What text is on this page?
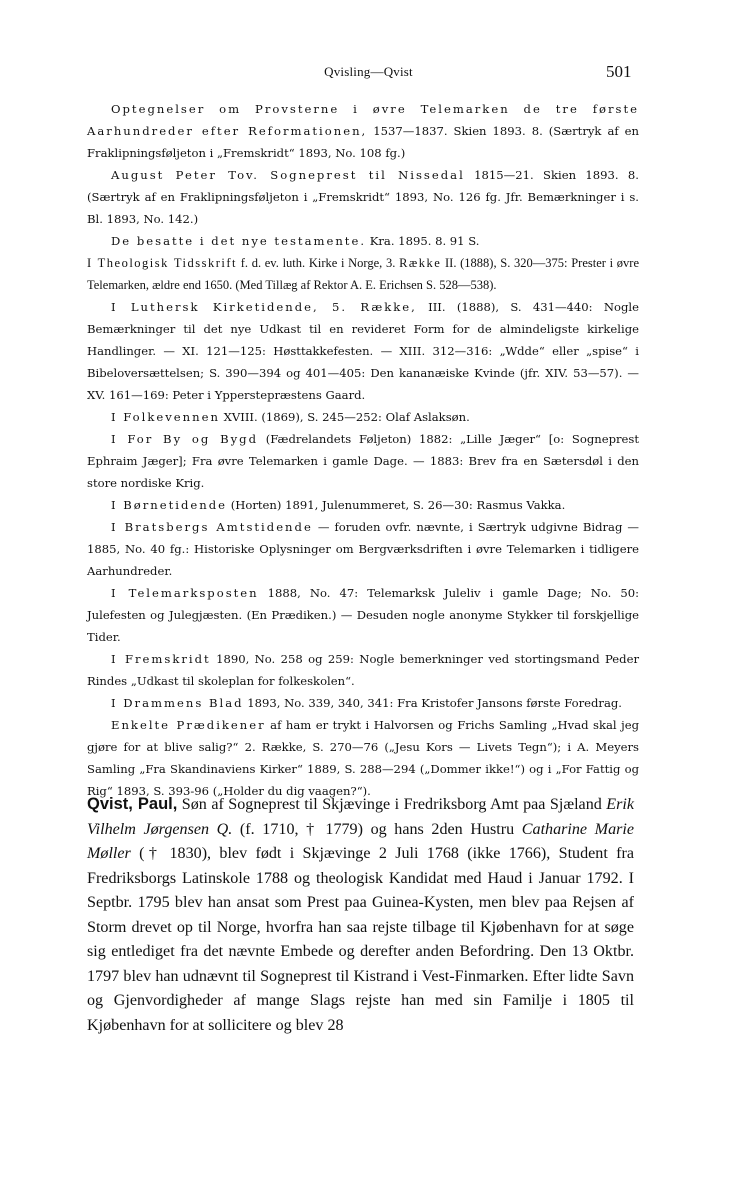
Qvisling—Qvist	501

Optegnelser om Provsterne i øvre Telemarken de tre første Aarhundreder efter Reformationen, 1537—1837. Skien 1893. 8. (Særtryk af en Fraklipningsføljeton i „Fremskridt“ 1893, No. 108 fg.)

August Peter Tov. Sogneprest til Nissedal 1815—21. Skien 1893. 8. (Særtryk af en Fraklipningsføljeton i „Fremskridt“ 1893, No. 126 fg. Jfr. Bemærkninger i s. Bl. 1893, No. 142.)

De besatte i det nye testamente. Kra. 1895. 8. 91 S.

I Theologisk Tidsskrift f. d. ev. luth. Kirke i Norge, 3. Række II. (1888), S. 320—375: Prester i øvre Telemarken, ældre end 1650. (Med Tillæg af Rektor A. E. Erichsen S. 528—538).

I Luthersk Kirketidende, 5. Række, III. (1888), S. 431—440: Nogle Bemærkninger til det nye Udkast til en revideret Form for de almindeligste kirkelige Handlinger. — XI. 121—125: Høsttakkefesten. — XIII. 312—316: „Wdde“ eller „spise“ i Bibeloversættelsen; S. 390—394 og 401—405: Den kananæiske Kvinde (jfr. XIV. 53—57). — XV. 161—169: Peter i Ypperstepræstens Gaard.

I Folkevennen XVIII. (1869), S. 245—252: Olaf Aslaksøn.

I For By og Bygd (Fædrelandets Føljeton) 1882: „Lille Jæger“ [o: Sogneprest Ephraim Jæger]; Fra øvre Telemarken i gamle Dage. — 1883: Brev fra en Sætersdøl i den store nordiske Krig.

I Børnetidende (Horten) 1891, Julenummeret, S. 26—30: Rasmus Vakka.

I Bratsbergs Amtstidende — foruden ovfr. nævnte, i Særtryk udgivne Bidrag — 1885, No. 40 fg.: Historiske Oplysninger om Bergværksdriften i øvre Telemarken i tidligere Aarhundreder.

I Telemarksposten 1888, No. 47: Telemarksk Juleliv i gamle Dage; No. 50: Julefesten og Julegjæsten. (En Prædiken.) — Desuden nogle anonyme Stykker til forskjellige Tider.

I Fremskridt 1890, No. 258 og 259: Nogle bemerkninger ved stortingsmand Peder Rindes „Udkast til skoleplan for folkeskolen“.

I Drammens Blad 1893, No. 339, 340, 341: Fra Kristofer Jansons første Foredrag.

Enkelte Prædikener af ham er trykt i Halvorsen og Frichs Samling „Hvad skal jeg gjøre for at blive salig?“ 2. Række, S. 270—76 („Jesu Kors — Livets Tegn“); i A. Meyers Samling „Fra Skandinaviens Kirker“ 1889, S. 288—294 („Dommer ikke!“) og i „For Fattig og Rig“ 1893, S. 393-96 („Holder du dig vaagen?“).

Qvist, Paul, Søn af Sogneprest til Skjævinge i Fredriksborg Amt paa Sjæland Erik Vilhelm Jørgensen Q. (f. 1710, † 1779) og hans 2den Hustru Catharine Marie Møller († 1830), blev født i Skjævinge 2 Juli 1768 (ikke 1766), Student fra Fredriksborgs Latinskole 1788 og theologisk Kandidat med Haud i Januar 1792. I Septbr. 1795 blev han ansat som Prest paa Guinea-Kysten, men blev paa Rejsen af Storm drevet op til Norge, hvorfra han saa rejste tilbage til Kjøbenhavn for at søge sig entlediget fra det nævnte Embede og derefter anden Befordring. Den 13 Oktbr. 1797 blev han udnævnt til Sogneprest til Kistrand i Vest-Finmarken. Efter lidte Savn og Gjenvordigheder af mange Slags rejste han med sin Familje i 1805 til Kjøbenhavn for at sollicitere og blev 28
